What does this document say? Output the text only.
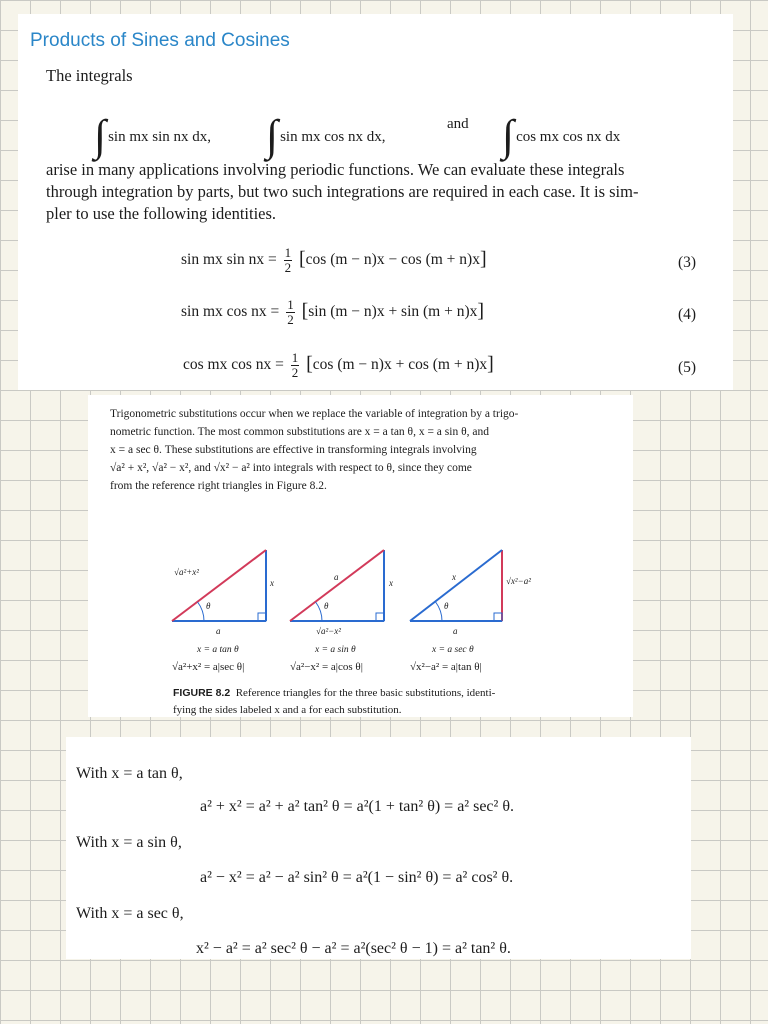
Products of Sines and Cosines
The integrals
∫ sin mx sin nx dx, ∫ sin mx cos nx dx,
and ∫ cos mx cos nx dx
arise in many applications involving periodic functions. We can evaluate these integrals
through integration by parts, but two such integrations are required in each case. It is sim-
pler to use the following identities.
sin mx sin nx = $\frac{1}{2} [\cos$ (m − n)x − cos (m + n)x]	(3)
sin mx cos nx = $\frac{1}{2} [\sin$ (m − n)x + sin (m + n)x]	(4)
cos mx cos nx = $\frac{1}{2} [\cos$ (m − n)x + cos (m + n)x]	(5)
Trigonometric substitutions occur when we replace the variable of integration by a trigo-
nometric function. The most common substitutions are x = a tan θ, x = a sin θ, and
x = a sec θ. These substitutions are effective in transforming integrals involving
√a² + x², √a² − x², and √x² − a² into integrals with respect to θ, since they come
from the reference right triangles in Figure 8.2.
√a²+x²
x
θ
a
a
x
θ
√a²−x²
x	√x²−a²
θ
a
x = a tan θ	x = a sin θ	x = a sec θ
√a²+x² = a|sec θ|	√a²−x² = a|cos θ|	√x²−a² = a|tan θ|
FIGURE 8.2 Reference triangles for the three basic substitutions, identi-
fying the sides labeled x and a for each substitution.
With x = a tan θ,
a² + x² = a² + a² tan² θ = a²(1 + tan² θ) = a² sec² θ.
With x = a sin θ,
a² − x² = a² − a² sin² θ = a²(1 − sin² θ) = a² cos² θ.
With x = a sec θ,
x² − a² = a² sec² θ − a² = a²(sec² θ − 1) = a² tan² θ.
